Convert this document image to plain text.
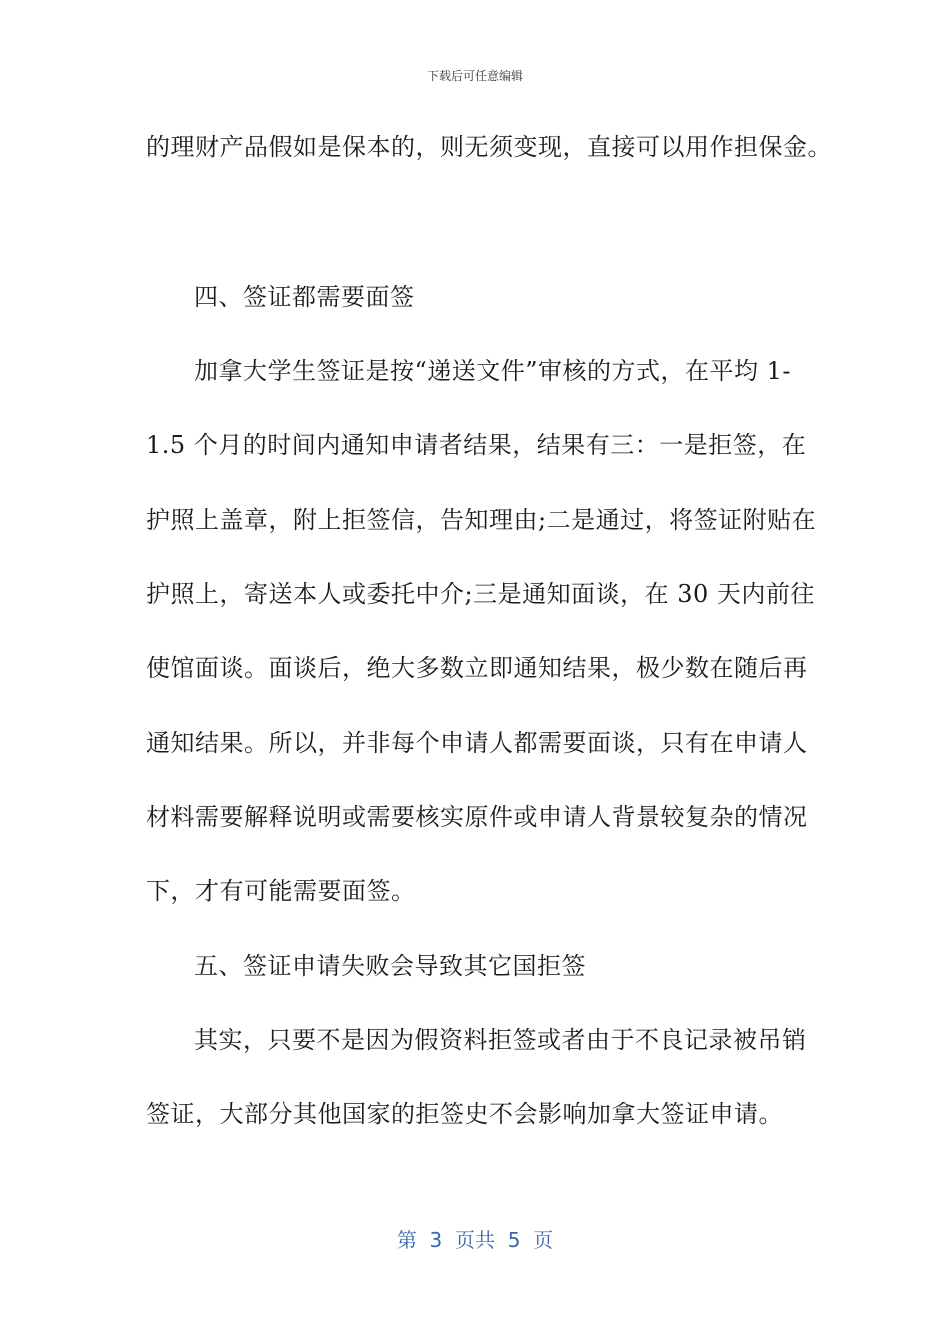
下载后可任意编辑
的理财产品假如是保本的，则无须变现，直接可以用作担保金。
四、签证都需要面签
加拿大学生签证是按“递送文件”审核的方式，在平均 1-
1.5 个月的时间内通知申请者结果，结果有三：一是拒签，在
护照上盖章，附上拒签信，告知理由;二是通过，将签证附贴在
护照上，寄送本人或委托中介;三是通知面谈，在 30 天内前往
使馆面谈。面谈后，绝大多数立即通知结果，极少数在随后再
通知结果。所以，并非每个申请人都需要面谈，只有在申请人
材料需要解释说明或需要核实原件或申请人背景较复杂的情况
下，才有可能需要面签。
五、签证申请失败会导致其它国拒签
其实，只要不是因为假资料拒签或者由于不良记录被吊销
签证，大部分其他国家的拒签史不会影响加拿大签证申请。
第  3  页共  5  页
